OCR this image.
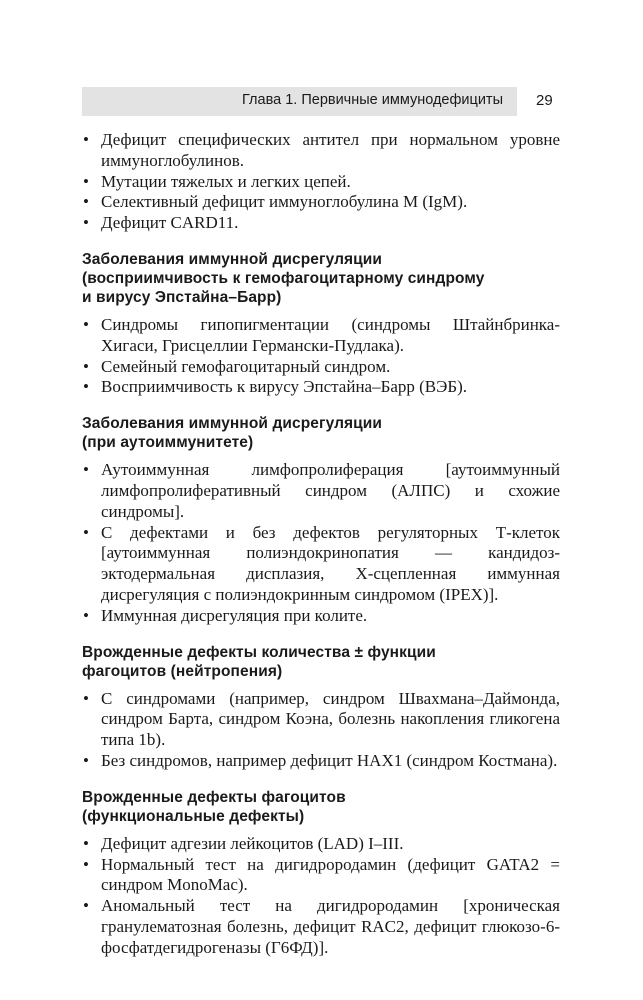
Глава 1. Первичные иммунодефициты 29
• Дефицит специфических антител при нормальном уровне иммуноглобулинов.
• Мутации тяжелых и легких цепей.
• Селективный дефицит иммуноглобулина М (IgM).
• Дефицит CARD11.
Заболевания иммунной дисрегуляции
(восприимчивость к гемофагоцитарному синдрому
и вирусу Эпстайна–Барр)
• Синдромы гипопигментации (синдромы Штайнбринка-Хигаси, Грисцеллии Германски-Пудлака).
• Семейный гемофагоцитарный синдром.
• Восприимчивость к вирусу Эпстайна–Барр (ВЭБ).
Заболевания иммунной дисрегуляции
(при аутоиммунитете)
• Аутоиммунная лимфопролиферация [аутоиммунный лимфопролиферативный синдром (АЛПС) и схожие синдромы].
• С дефектами и без дефектов регуляторных Т-клеток [аутоиммунная полиэндокринопатия — кандидоз-эктодермальная дисплазия, Х-сцепленная иммунная дисрегуляция с полиэндокринным синдромом (IPEX)].
• Иммунная дисрегуляция при колите.
Врожденные дефекты количества ± функции
фагоцитов (нейтропения)
• С синдромами (например, синдром Швахмана–Даймонда, синдром Барта, синдром Коэна, болезнь накопления гликогена типа 1b).
• Без синдромов, например дефицит HAX1 (синдром Костмана).
Врожденные дефекты фагоцитов
(функциональные дефекты)
• Дефицит адгезии лейкоцитов (LAD) I–III.
• Нормальный тест на дигидрородамин (дефицит GATA2 = синдром MonoMac).
• Аномальный тест на дигидрородамин [хроническая гранулематозная болезнь, дефицит RAC2, дефицит глюкозо-6-фосфатдегидрогеназы (Г6ФД)].
